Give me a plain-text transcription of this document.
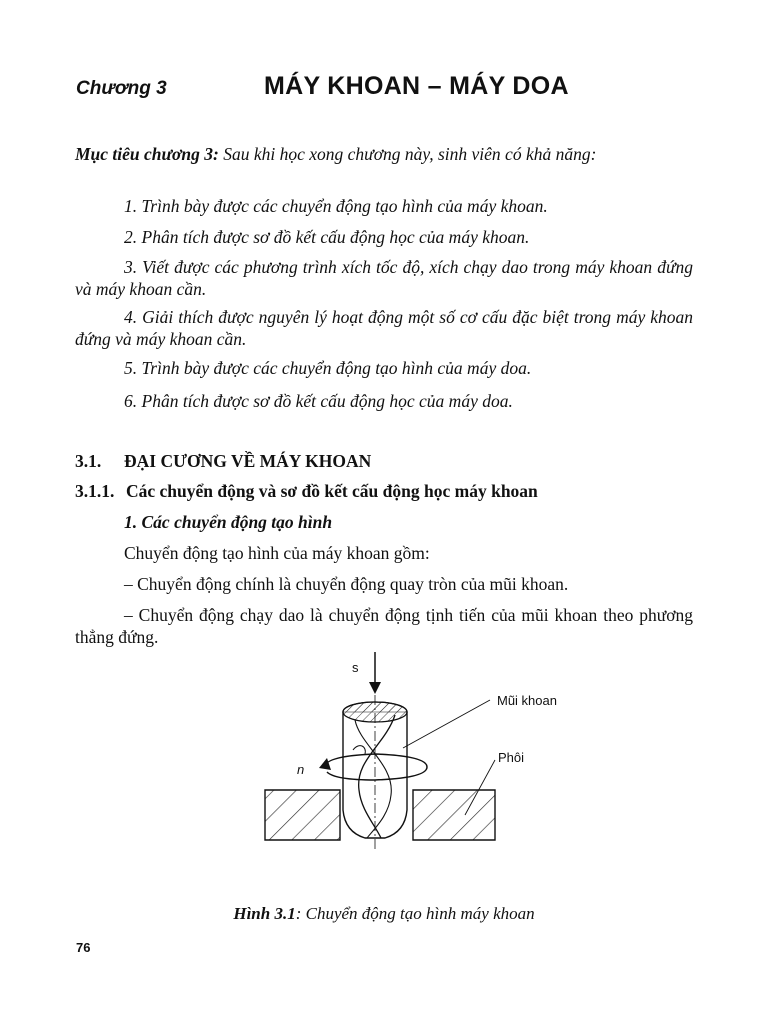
Chương 3	MÁY KHOAN – MÁY DOA
Mục tiêu chương 3: Sau khi học xong chương này, sinh viên có khả năng:
1. Trình bày được các chuyển động tạo hình của máy khoan.
2. Phân tích được sơ đồ kết cấu động học của máy khoan.
3. Viết được các phương trình xích tốc độ, xích chạy dao trong máy khoan đứng và máy khoan cần.
4. Giải thích được nguyên lý hoạt động một số cơ cấu đặc biệt trong máy khoan đứng và máy khoan cần.
5. Trình bày được các chuyển động tạo hình của máy doa.
6. Phân tích được sơ đồ kết cấu động học của máy doa.
3.1. ĐẠI CƯƠNG VỀ MÁY KHOAN
3.1.1. Các chuyển động và sơ đồ kết cấu động học máy khoan
1. Các chuyển động tạo hình
Chuyển động tạo hình của máy khoan gồm:
– Chuyển động chính là chuyển động quay tròn của mũi khoan.
– Chuyển động chạy dao là chuyển động tịnh tiến của mũi khoan theo phương thẳng đứng.
s
n
Mũi khoan
Phôi
Hình 3.1: Chuyển động tạo hình máy khoan
76
